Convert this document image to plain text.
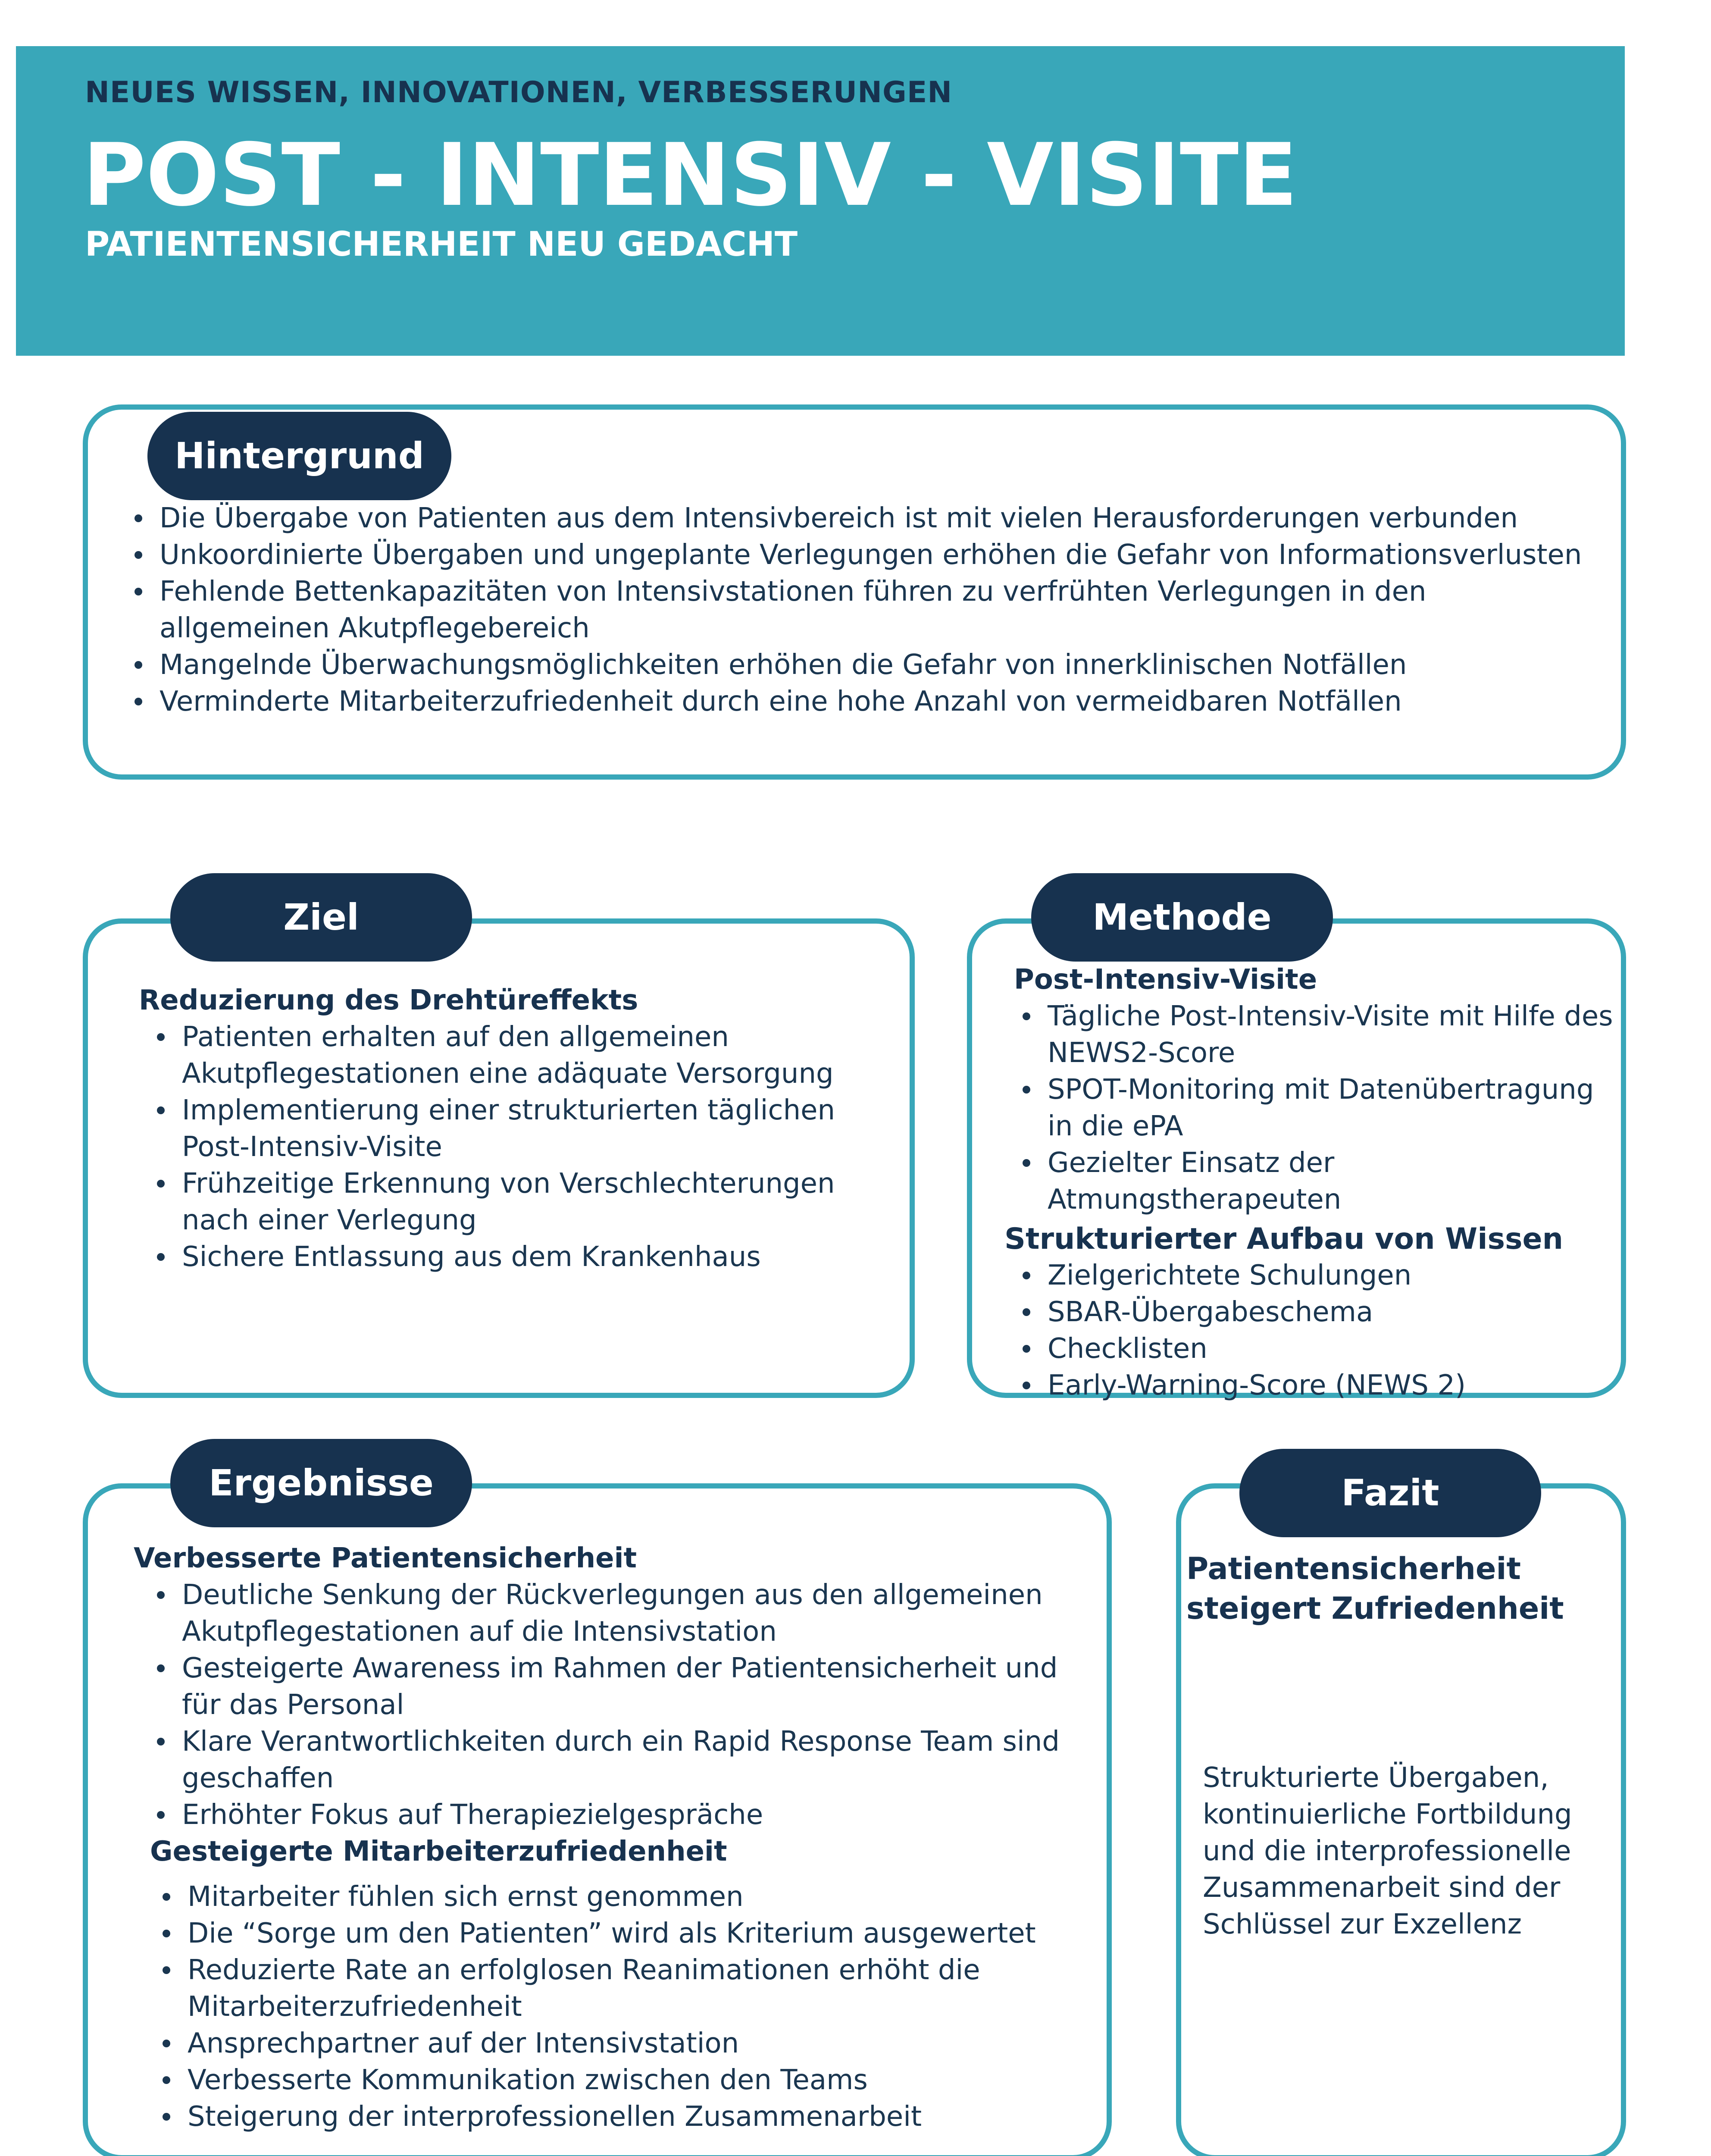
NEUES WISSEN, INNOVATIONEN, VERBESSERUNGEN
POST - INTENSIV - VISITE
PATIENTENSICHERHEIT NEU GEDACHT
Hintergrund
Die Übergabe von Patienten aus dem Intensivbereich ist mit vielen Herausforderungen verbunden
Unkoordinierte Übergaben und ungeplante Verlegungen erhöhen die Gefahr von Informationsverlusten
Fehlende Bettenkapazitäten von Intensivstationen führen zu verfrühten Verlegungen in den allgemeinen Akutpflegebereich
Mangelnde Überwachungsmöglichkeiten erhöhen die Gefahr von innerklinischen Notfällen
Verminderte Mitarbeiterzufriedenheit durch eine hohe Anzahl von vermeidbaren Notfällen
Ziel

Reduzierung des Drehtüreffekts

Patienten erhalten auf den allgemeinen Akutpflegestationen eine adäquate Versorgung
Implementierung einer strukturierten täglichen Post-Intensiv-Visite
Frühzeitige Erkennung von Verschlechterungen nach einer Verlegung
Sichere Entlassung aus dem Krankenhaus
Methode

Post-Intensiv-Visite

Tägliche Post-Intensiv-Visite mit Hilfe des NEWS2-Score
SPOT-Monitoring mit Datenübertragung in die ePA
Gezielter Einsatz der Atmungstherapeuten

Strukturierter Aufbau von Wissen

Zielgerichtete Schulungen
SBAR-Übergabeschema
Checklisten
Early-Warning-Score (NEWS 2)
Ergebnisse

Verbesserte Patientensicherheit

Deutliche Senkung der Rückverlegungen aus den allgemeinen Akutpflegestationen auf die Intensivstation
Gesteigerte Awareness im Rahmen der Patientensicherheit und für das Personal
Klare Verantwortlichkeiten durch ein Rapid Response Team sind geschaffen
Erhöhter Fokus auf Therapiezielgespräche

Gesteigerte Mitarbeiterzufriedenheit

Mitarbeiter fühlen sich ernst genommen
Die “Sorge um den Patienten” wird als Kriterium ausgewertet
Reduzierte Rate an erfolglosen Reanimationen erhöht die Mitarbeiterzufriedenheit
Ansprechpartner auf der Intensivstation
Verbesserte Kommunikation zwischen den Teams
Steigerung der interprofessionellen Zusammenarbeit
Fazit

Patientensicherheit steigert Zufriedenheit

Strukturierte Übergaben, kontinuierliche Fortbildung und die interprofessionelle Zusammenarbeit sind der Schlüssel zur Exzellenz
